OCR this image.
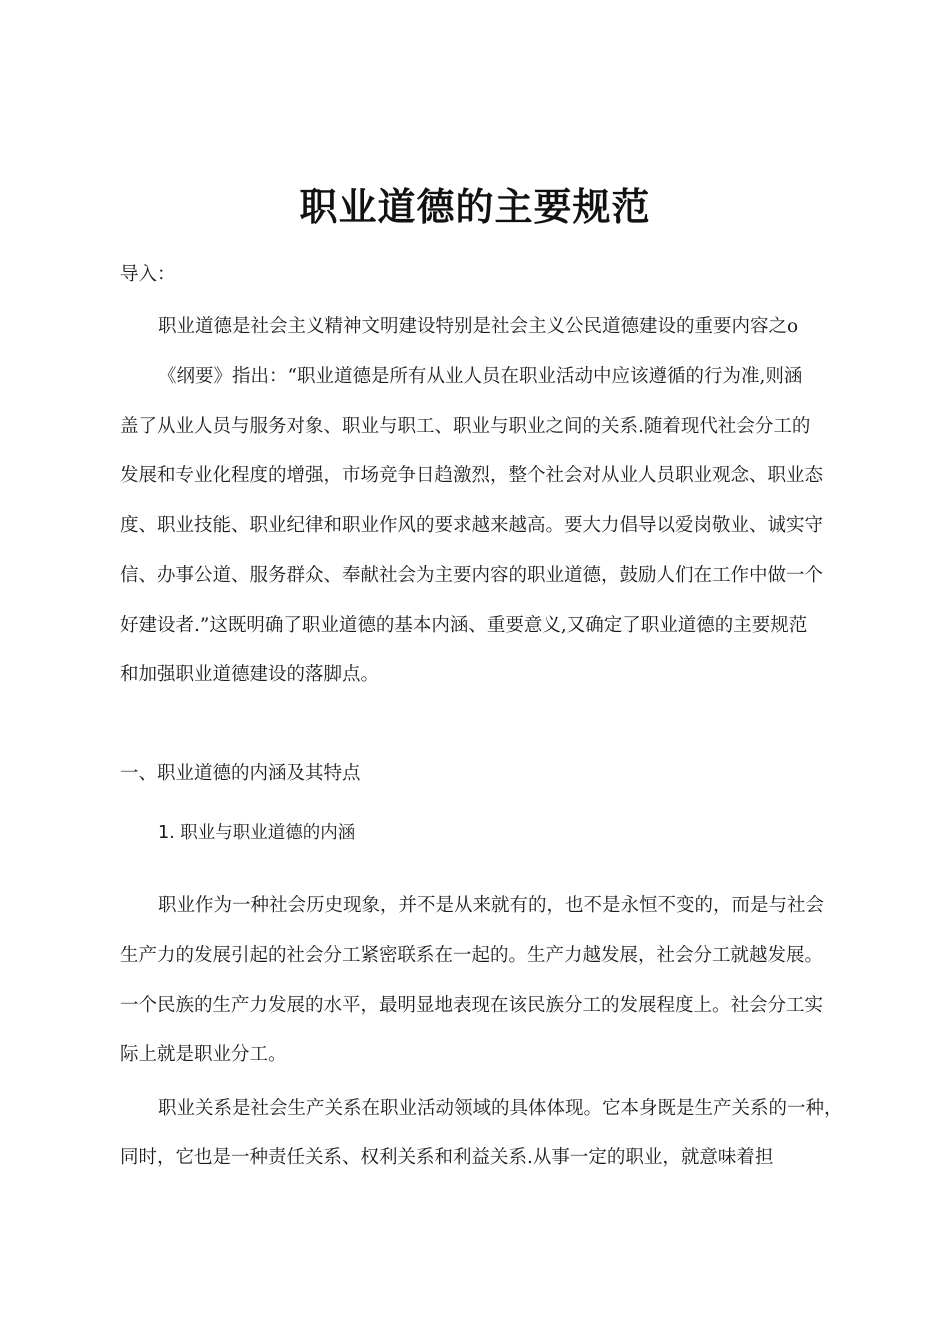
职业道德的主要规范

导入：

职业道德是社会主义精神文明建设特别是社会主义公民道德建设的重要内容之o

《纲要》指出：“职业道德是所有从业人员在职业活动中应该遵循的行为准,则涵

盖了从业人员与服务对象、职业与职工、职业与职业之间的关系.随着现代社会分工的

发展和专业化程度的增强，市场竞争日趋激烈，整个社会对从业人员职业观念、职业态

度、职业技能、职业纪律和职业作风的要求越来越高。要大力倡导以爱岗敬业、诚实守

信、办事公道、服务群众、奉献社会为主要内容的职业道德，鼓励人们在工作中做一个

好建设者.”这既明确了职业道德的基本内涵、重要意义,又确定了职业道德的主要规范

和加强职业道德建设的落脚点。

一、职业道德的内涵及其特点

1. 职业与职业道德的内涵

职业作为一种社会历史现象，并不是从来就有的，也不是永恒不变的，而是与社会

生产力的发展引起的社会分工紧密联系在一起的。生产力越发展，社会分工就越发展。

一个民族的生产力发展的水平，最明显地表现在该民族分工的发展程度上。社会分工实

际上就是职业分工。

职业关系是社会生产关系在职业活动领域的具体体现。它本身既是生产关系的一种，

同时，它也是一种责任关系、权利关系和利益关系.从事一定的职业，就意味着担
